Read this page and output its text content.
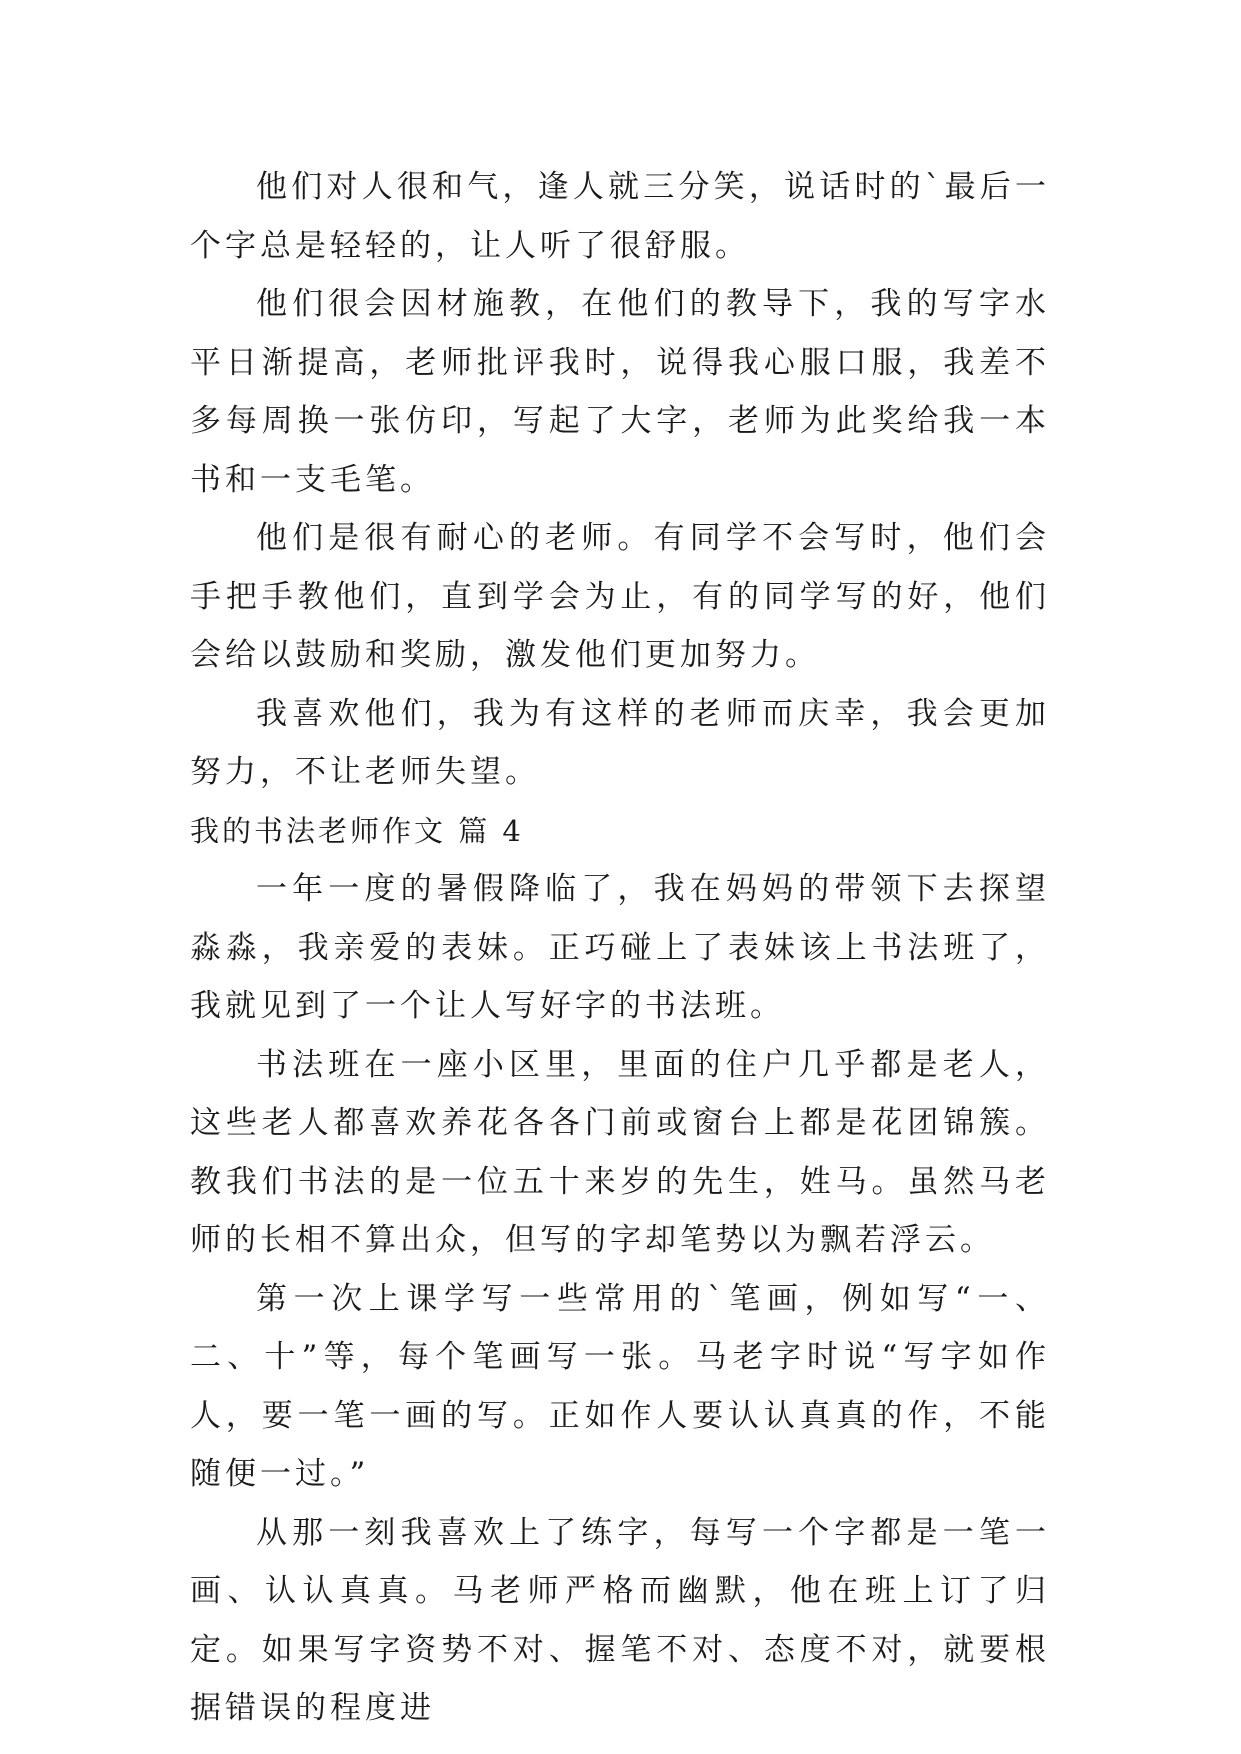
他们对人很和气，逢人就三分笑，说话时的`最后一个字总是轻轻的，让人听了很舒服。

他们很会因材施教，在他们的教导下，我的写字水平日渐提高，老师批评我时，说得我心服口服，我差不多每周换一张仿印，写起了大字，老师为此奖给我一本书和一支毛笔。

他们是很有耐心的老师。有同学不会写时，他们会手把手教他们，直到学会为止，有的同学写的好，他们会给以鼓励和奖励，激发他们更加努力。

我喜欢他们，我为有这样的老师而庆幸，我会更加努力，不让老师失望。

我的书法老师作文 篇 4

一年一度的暑假降临了，我在妈妈的带领下去探望淼淼，我亲爱的表妹。正巧碰上了表妹该上书法班了，我就见到了一个让人写好字的书法班。

书法班在一座小区里，里面的住户几乎都是老人，这些老人都喜欢养花各各门前或窗台上都是花团锦簇。教我们书法的是一位五十来岁的先生，姓马。虽然马老师的长相不算出众，但写的字却笔势以为飘若浮云。

第一次上课学写一些常用的`笔画，例如写“一、二、十”等，每个笔画写一张。马老字时说“写字如作人，要一笔一画的写。正如作人要认认真真的作，不能随便一过。”

从那一刻我喜欢上了练字，每写一个字都是一笔一画、认认真真。马老师严格而幽默，他在班上订了归定。如果写字资势不对、握笔不对、态度不对，就要根据错误的程度进
